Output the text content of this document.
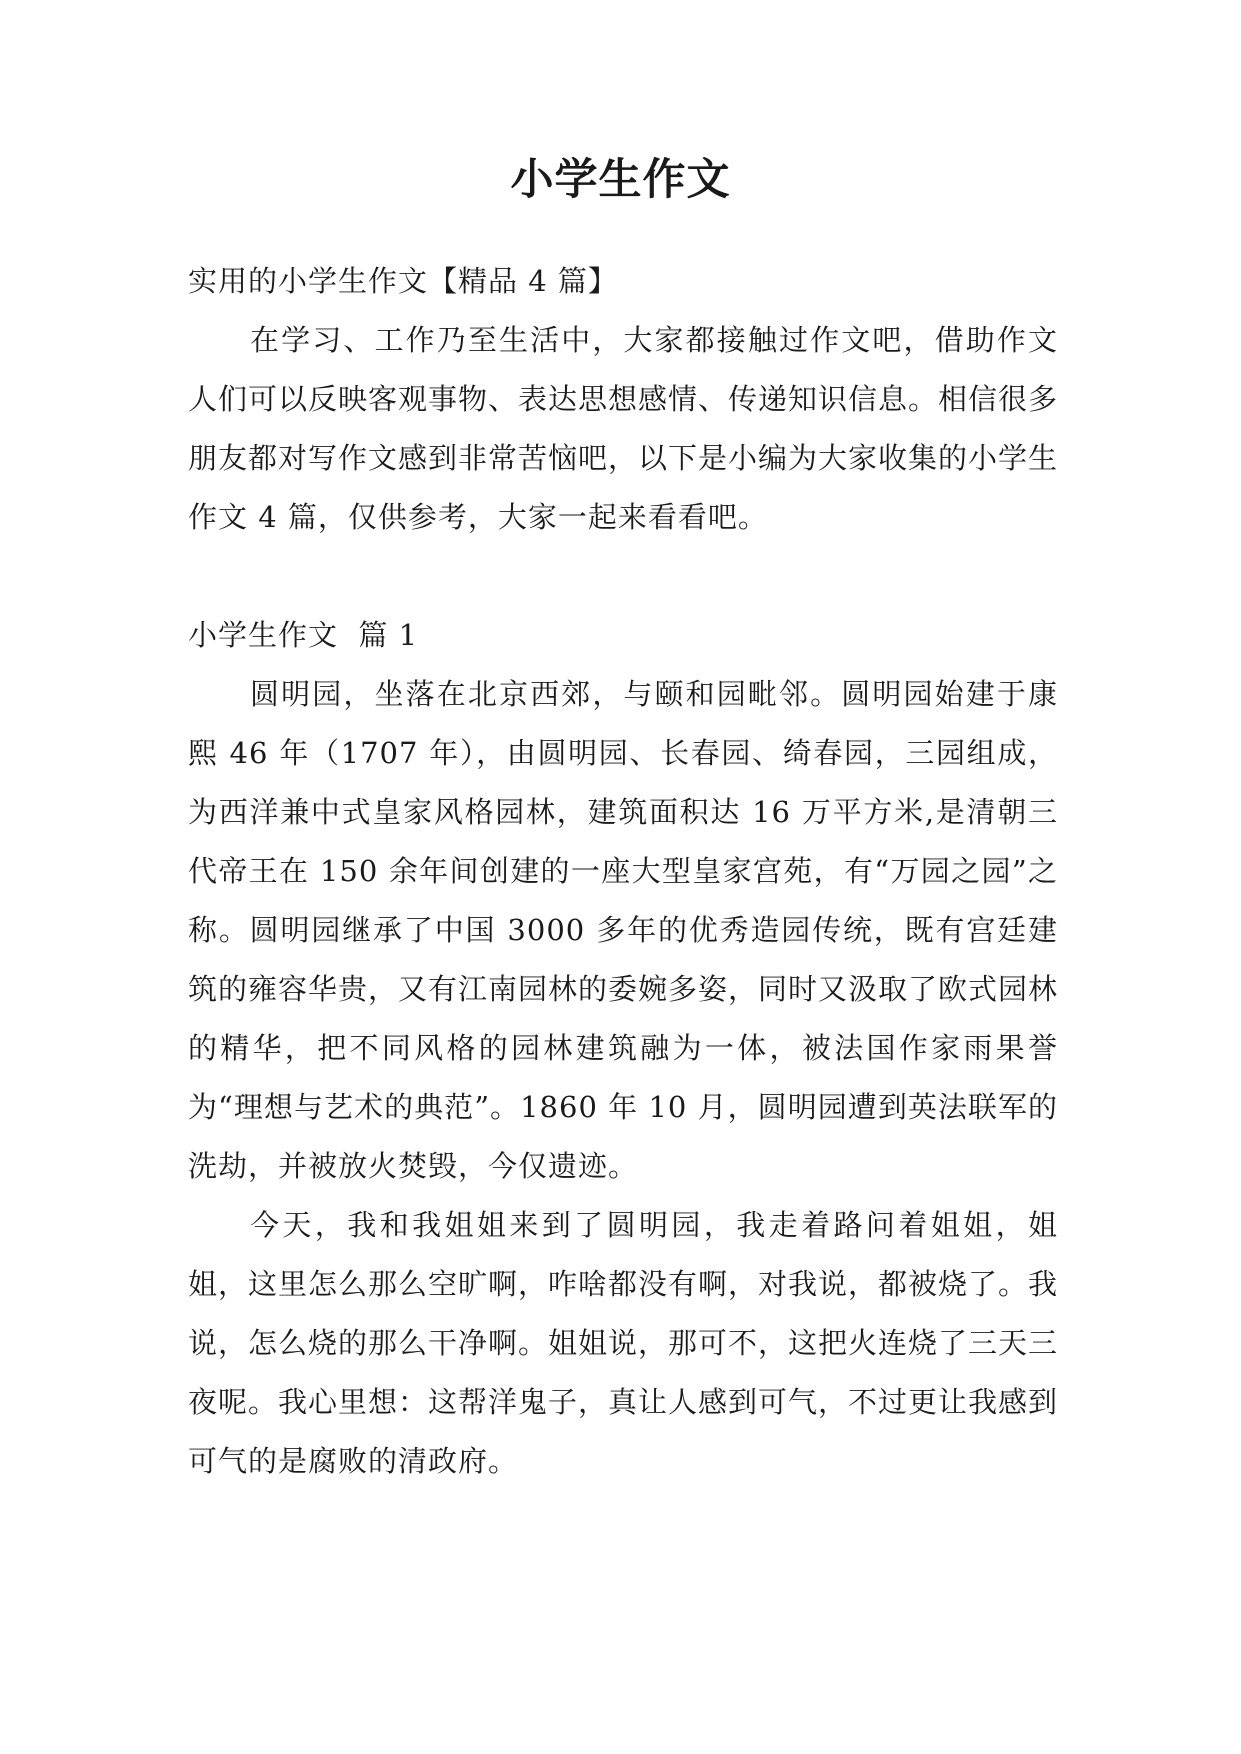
小学生作文

实用的小学生作文【精品 4 篇】

在学习、工作乃至生活中，大家都接触过作文吧，借助作文人们可以反映客观事物、表达思想感情、传递知识信息。相信很多朋友都对写作文感到非常苦恼吧，以下是小编为大家收集的小学生作文 4 篇，仅供参考，大家一起来看看吧。

小学生作文  篇 1

圆明园，坐落在北京西郊，与颐和园毗邻。圆明园始建于康熙 46 年（1707 年），由圆明园、长春园、绮春园，三园组成，为西洋兼中式皇家风格园林，建筑面积达 16 万平方米,是清朝三代帝王在 150 余年间创建的一座大型皇家宫苑，有“万园之园”之称。圆明园继承了中国 3000 多年的优秀造园传统，既有宫廷建筑的雍容华贵，又有江南园林的委婉多姿，同时又汲取了欧式园林的精华，把不同风格的园林建筑融为一体，被法国作家雨果誉为“理想与艺术的典范”。1860 年 10 月，圆明园遭到英法联军的洗劫，并被放火焚毁，今仅遗迹。

今天，我和我姐姐来到了圆明园，我走着路问着姐姐，姐姐，这里怎么那么空旷啊，咋啥都没有啊，对我说，都被烧了。我说，怎么烧的那么干净啊。姐姐说，那可不，这把火连烧了三天三夜呢。我心里想：这帮洋鬼子，真让人感到可气，不过更让我感到可气的是腐败的清政府。
